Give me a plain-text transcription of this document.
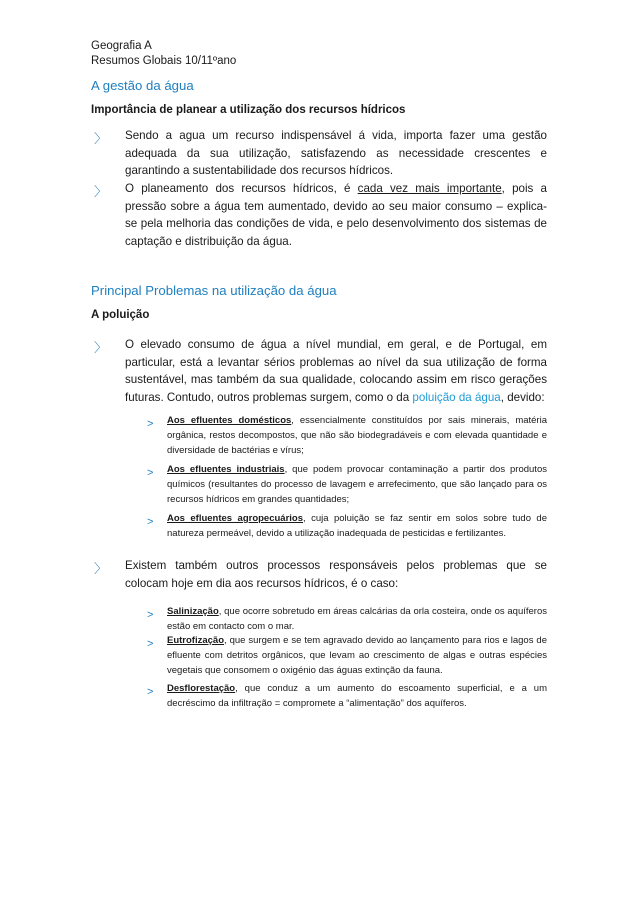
Geografia A
Resumos Globais 10/11ºano
A gestão da água
Importância de planear a utilização dos recursos hídricos
〉 Sendo a agua um recurso indispensável á vida, importa fazer uma gestão adequada da sua utilização, satisfazendo as necessidade crescentes e garantindo a sustentabilidade dos recursos hídricos.
〉 O planeamento dos recursos hídricos, é cada vez mais importante, pois a pressão sobre a água tem aumentado, devido ao seu maior consumo – explica-se pela melhoria das condições de vida, e pelo desenvolvimento dos sistemas de captação e distribuição da água.
Principal Problemas na utilização da água
A poluição
〉 O elevado consumo de água a nível mundial, em geral, e de Portugal, em particular, está a levantar sérios problemas ao nível da sua utilização de forma sustentável, mas também da sua qualidade, colocando assim em risco gerações futuras. Contudo, outros problemas surgem, como o da poluição da água, devido:
> Aos efluentes domésticos, essencialmente constituídos por sais minerais, matéria orgânica, restos decompostos, que não são biodegradáveis e com elevada quantidade e diversidade de bactérias e vírus;
> Aos efluentes industriais, que podem provocar contaminação a partir dos produtos químicos (resultantes do processo de lavagem e arrefecimento, que são lançado para os recursos hídricos em grandes quantidades;
> Aos efluentes agropecuários, cuja poluição se faz sentir em solos sobre tudo de natureza permeável, devido a utilização inadequada de pesticidas e fertilizantes.
〉 Existem também outros processos responsáveis pelos problemas que se colocam hoje em dia aos recursos hídricos, é o caso:
> Salinização, que ocorre sobretudo em áreas calcárias da orla costeira, onde os aquíferos estão em contacto com o mar.
> Eutrofização, que surgem e se tem agravado devido ao lançamento para rios e lagos de efluente com detritos orgânicos, que levam ao crescimento de algas e outras espécies vegetais que consomem o oxigénio das águas extinção da fauna.
> Desflorestação, que conduz a um aumento do escoamento superficial, e a um decréscimo da infiltração = compromete a “alimentação” dos aquíferos.
